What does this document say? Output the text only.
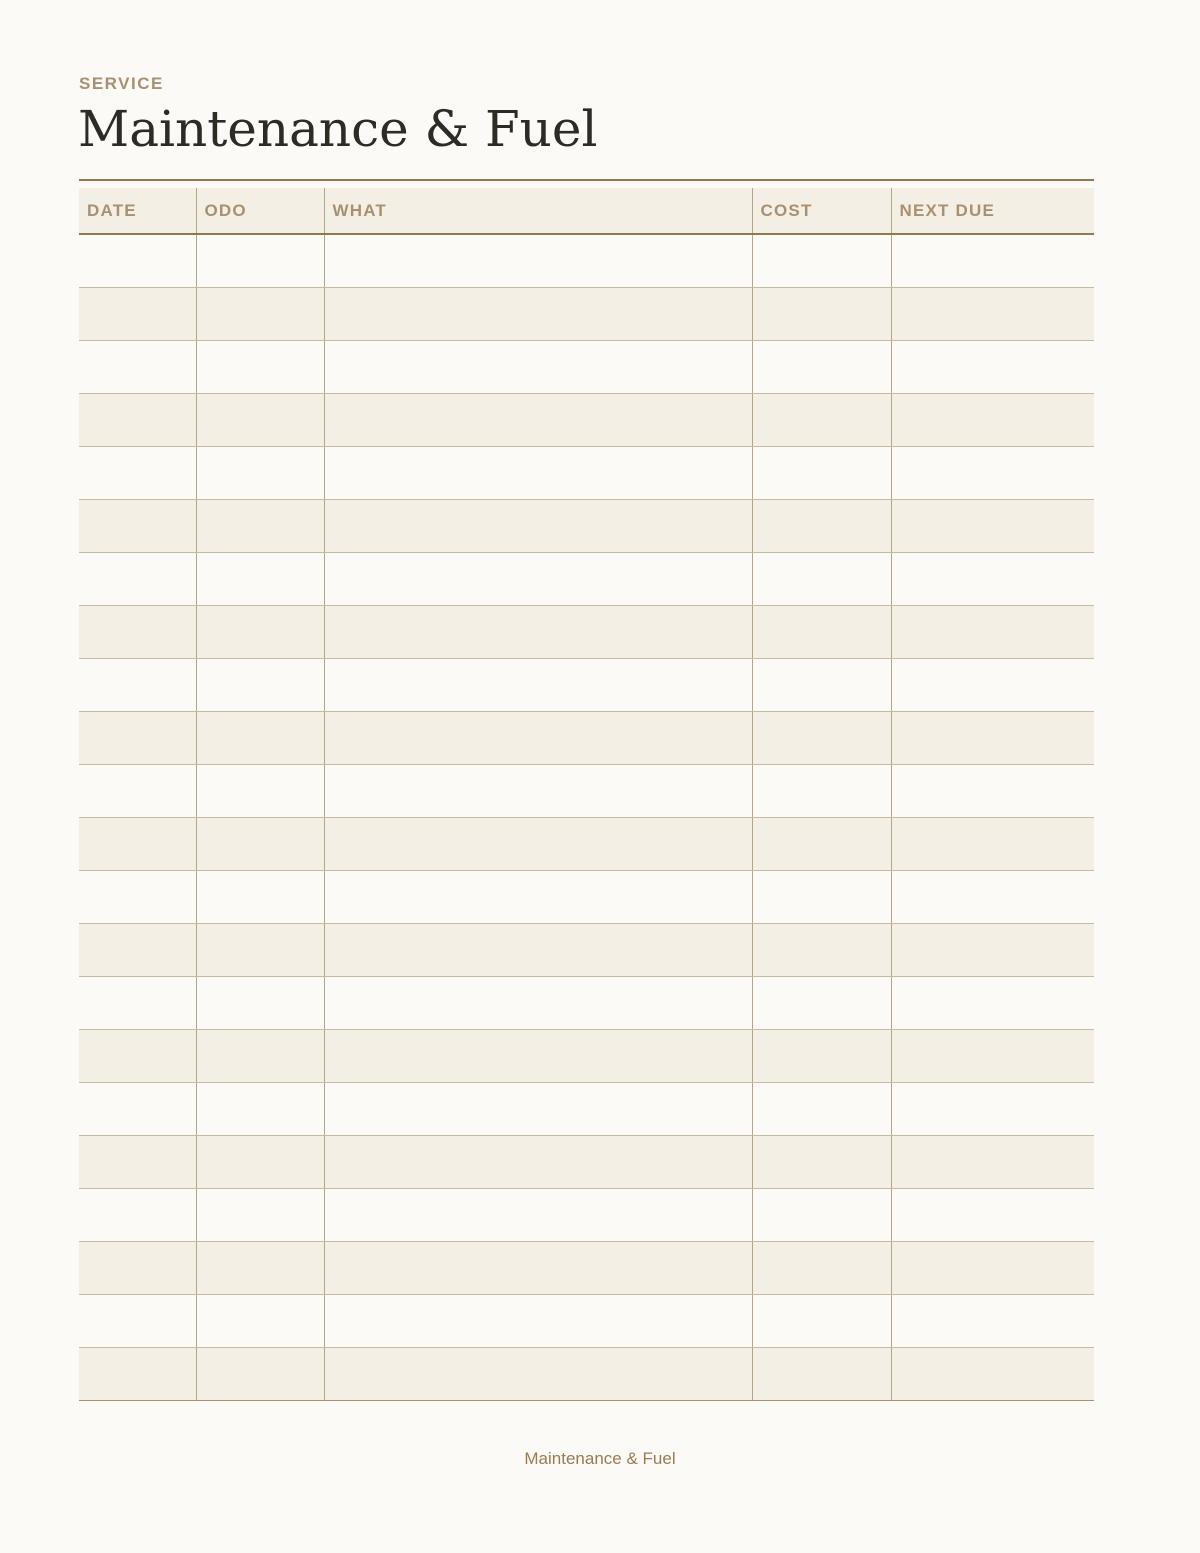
SERVICE
Maintenance & Fuel
DATE	ODO	WHAT	COST	NEXT DUE

Maintenance & Fuel
